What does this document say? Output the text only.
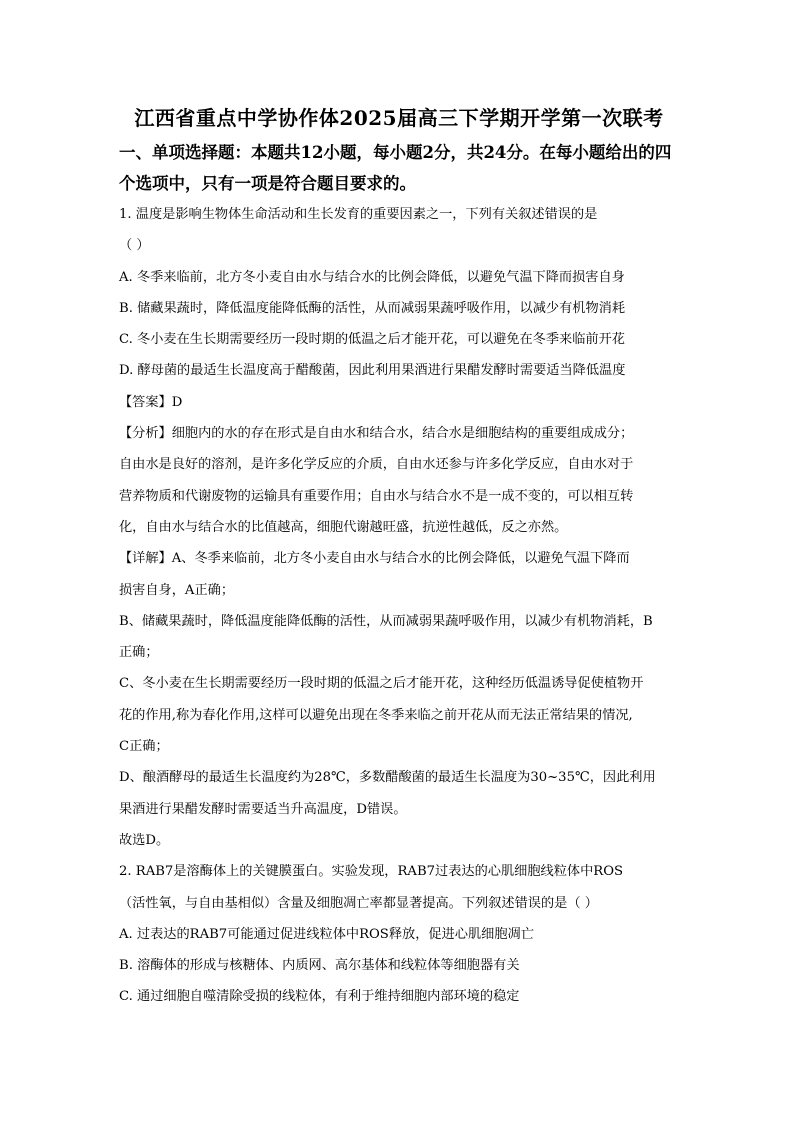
江西省重点中学协作体2025届高三下学期开学第一次联考
一、单项选择题：本题共12小题，每小题2分，共24分。在每小题给出的四
个选项中，只有一项是符合题目要求的。
1. 温度是影响生物体生命活动和生长发育的重要因素之一，下列有关叙述错误的是
（ ）
A. 冬季来临前，北方冬小麦自由水与结合水的比例会降低，以避免气温下降而损害自身
B. 储藏果蔬时，降低温度能降低酶的活性，从而减弱果蔬呼吸作用，以减少有机物消耗
C. 冬小麦在生长期需要经历一段时期的低温之后才能开花，可以避免在冬季来临前开花
D. 酵母菌的最适生长温度高于醋酸菌，因此利用果酒进行果醋发酵时需要适当降低温度
【答案】D
【分析】细胞内的水的存在形式是自由水和结合水，结合水是细胞结构的重要组成成分；
自由水是良好的溶剂，是许多化学反应的介质，自由水还参与许多化学反应，自由水对于
营养物质和代谢废物的运输具有重要作用；自由水与结合水不是一成不变的，可以相互转
化，自由水与结合水的比值越高，细胞代谢越旺盛，抗逆性越低，反之亦然。
【详解】A、冬季来临前，北方冬小麦自由水与结合水的比例会降低，以避免气温下降而
损害自身，A正确；
B、储藏果蔬时，降低温度能降低酶的活性，从而减弱果蔬呼吸作用，以减少有机物消耗，B
正确；
C、冬小麦在生长期需要经历一段时期的低温之后才能开花，这种经历低温诱导促使植物开
花的作用,称为春化作用,这样可以避免出现在冬季来临之前开花从而无法正常结果的情况,
C正确；
D、酿酒酵母的最适生长温度约为28℃，多数醋酸菌的最适生长温度为30~35℃，因此利用
果酒进行果醋发酵时需要适当升高温度，D错误。
故选D。
2. RAB7是溶酶体上的关键膜蛋白。实验发现，RAB7过表达的心肌细胞线粒体中ROS
（活性氧，与自由基相似）含量及细胞凋亡率都显著提高。下列叙述错误的是（ ）
A. 过表达的RAB7可能通过促进线粒体中ROS释放，促进心肌细胞凋亡
B. 溶酶体的形成与核糖体、内质网、高尔基体和线粒体等细胞器有关
C. 通过细胞自噬清除受损的线粒体，有利于维持细胞内部环境的稳定
